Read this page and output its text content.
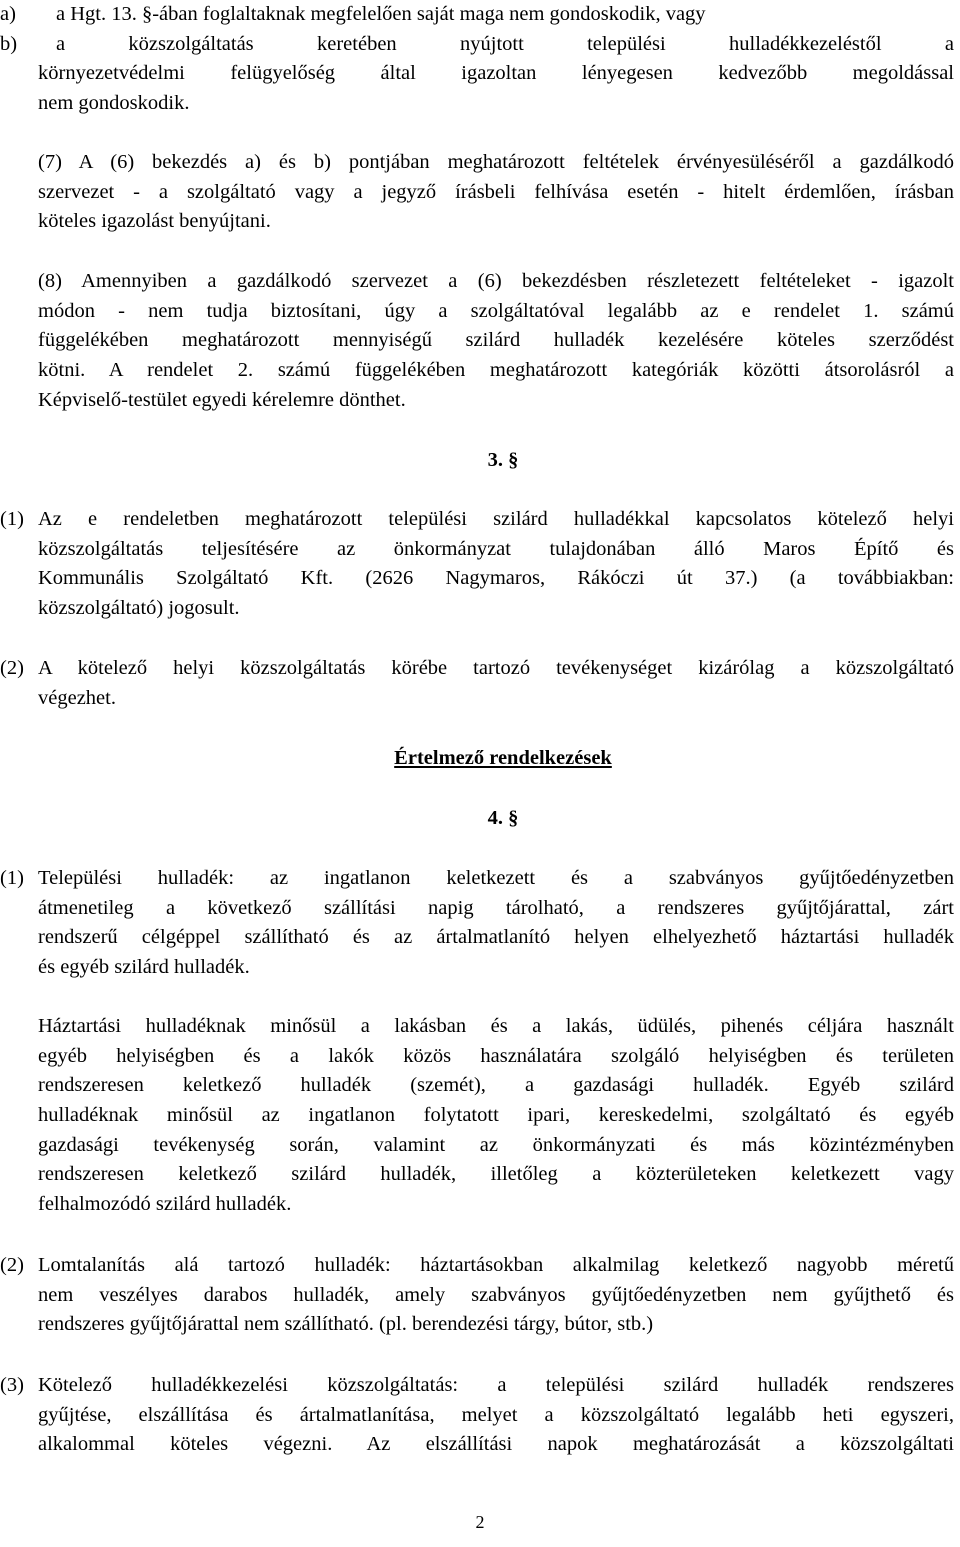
a)	a Hgt. 13. §-ában foglaltaknak megfelelően saját maga nem gondoskodik, vagy
b)	a közszolgáltatás keretében nyújtott települési hulladékkezeléstől a
környezetvédelmi felügyelőség által igazoltan lényegesen kedvezőbb megoldással
nem gondoskodik.
(7) A (6) bekezdés a) és b) pontjában meghatározott feltételek érvényesüléséről a gazdálkodó
szervezet - a szolgáltató vagy a jegyző írásbeli felhívása esetén - hitelt érdemlően, írásban
köteles igazolást benyújtani.
(8) Amennyiben a gazdálkodó szervezet a (6) bekezdésben részletezett feltételeket - igazolt
módon - nem tudja biztosítani, úgy a szolgáltatóval legalább az e rendelet 1. számú
függelékében meghatározott mennyiségű szilárd hulladék kezelésére köteles szerződést
kötni. A rendelet 2. számú függelékében meghatározott kategóriák közötti átsorolásról a
Képviselő-testület egyedi kérelemre dönthet.
3. §
(1) Az e rendeletben meghatározott települési szilárd hulladékkal kapcsolatos kötelező helyi
közszolgáltatás teljesítésére az önkormányzat tulajdonában álló Maros Építő és
Kommunális Szolgáltató Kft. (2626 Nagymaros, Rákóczi út 37.) (a továbbiakban:
közszolgáltató) jogosult.
(2) A kötelező helyi közszolgáltatás körébe tartozó tevékenységet kizárólag a közszolgáltató
végezhet.
Értelmező rendelkezések
4. §
(1) Települési hulladék: az ingatlanon keletkezett és a szabványos gyűjtőedényzetben
átmenetileg a következő szállítási napig tárolható, a rendszeres gyűjtőjárattal, zárt
rendszerű célgéppel szállítható és az ártalmatlanító helyen elhelyezhető háztartási hulladék
és egyéb szilárd hulladék.
Háztartási hulladéknak minősül a lakásban és a lakás, üdülés, pihenés céljára használt
egyéb helyiségben és a lakók közös használatára szolgáló helyiségben és területen
rendszeresen keletkező hulladék (szemét), a gazdasági hulladék. Egyéb szilárd
hulladéknak minősül az ingatlanon folytatott ipari, kereskedelmi, szolgáltató és egyéb
gazdasági tevékenység során, valamint az önkormányzati és más közintézményben
rendszeresen keletkező szilárd hulladék, illetőleg a közterületeken keletkezett vagy
felhalmozódó szilárd hulladék.
(2) Lomtalanítás alá tartozó hulladék: háztartásokban alkalmilag keletkező nagyobb méretű
nem veszélyes darabos hulladék, amely szabványos gyűjtőedényzetben nem gyűjthető és
rendszeres gyűjtőjárattal nem szállítható. (pl. berendezési tárgy, bútor, stb.)
(3) Kötelező hulladékkezelési közszolgáltatás: a települési szilárd hulladék rendszeres
gyűjtése, elszállítása és ártalmatlanítása, melyet a közszolgáltató legalább heti egyszeri,
alkalommal köteles végezni. Az elszállítási napok meghatározását a közszolgáltati
2
